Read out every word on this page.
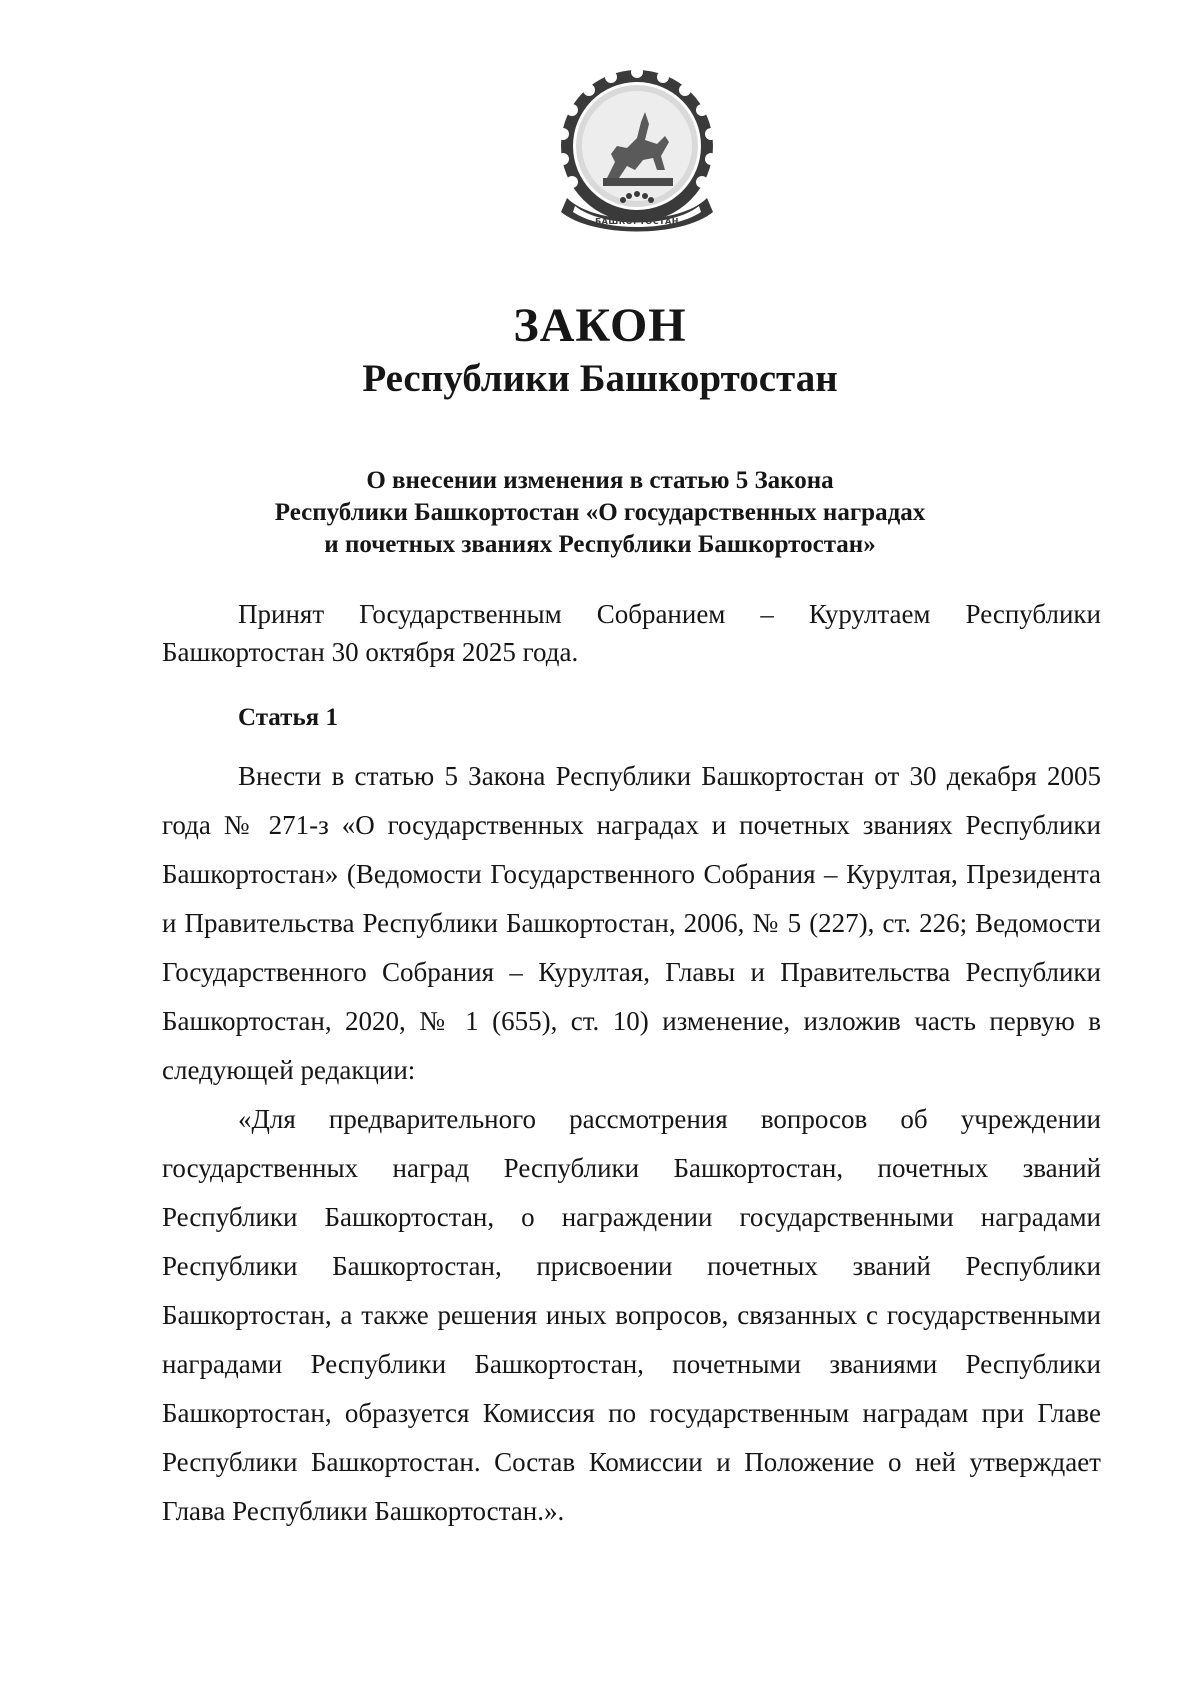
БАШКОРТОСТАН
ЗАКОН
Республики Башкортостан
О внесении изменения в статью 5 Закона
Республики Башкортостан «О государственных наградах
и почетных званиях Республики Башкортостан»

Принят Государственным Собранием – Курултаем Республики Башкортостан 30 октября 2025 года.

Статья 1

Внести в статью 5 Закона Республики Башкортостан от 30 декабря 2005 года № 271-з «О государственных наградах и почетных званиях Республики Башкортостан» (Ведомости Государственного Собрания – Курултая, Президента и Правительства Республики Башкортостан, 2006, № 5 (227), ст. 226; Ведомости Государственного Собрания – Курултая, Главы и Правительства Республики Башкортостан, 2020, № 1 (655), ст. 10) изменение, изложив часть первую в следующей редакции:

«Для предварительного рассмотрения вопросов об учреждении государственных наград Республики Башкортостан, почетных званий Республики Башкортостан, о награждении государственными наградами Республики Башкортостан, присвоении почетных званий Республики Башкортостан, а также решения иных вопросов, связанных с государственными наградами Республики Башкортостан, почетными званиями Республики Башкортостан, образуется Комиссия по государственным наградам при Главе Республики Башкортостан. Состав Комиссии и Положение о ней утверждает Глава Республики Башкортостан.».
